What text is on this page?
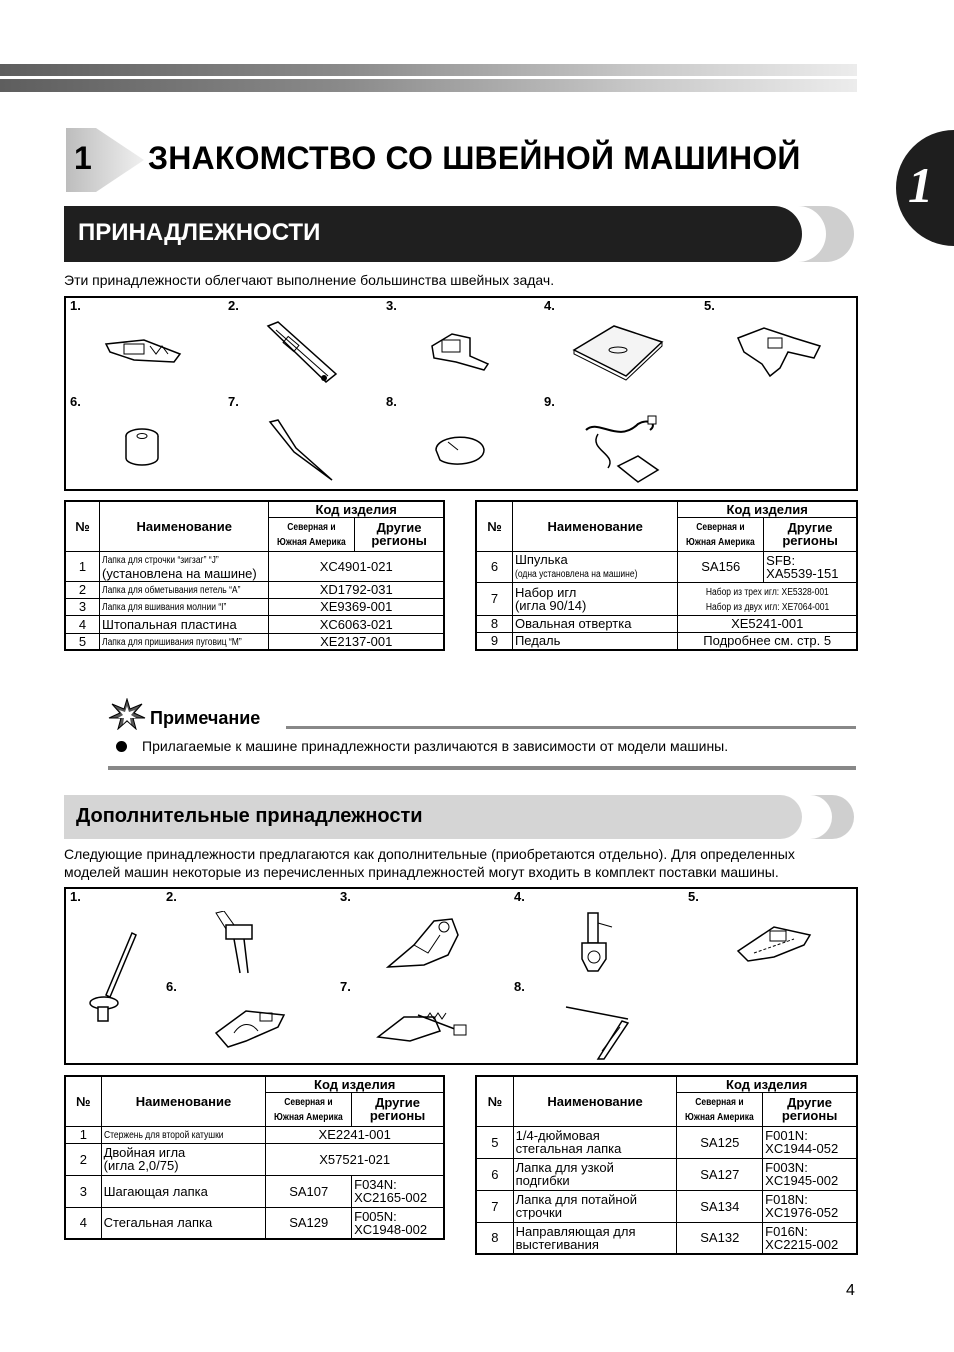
1
1 ЗНАКОМСТВО СО ШВЕЙНОЙ МАШИНОЙ
ПРИНАДЛЕЖНОСТИ
Эти принадлежности облегчают выполнение большинства швейных задач.
1.	2.	3.	4.	5.
6.	7.	8.	9.
№	Наименование	Код изделия	
		Северная и
Южная Америка	Другие
регионы
1	Лапка для строчки “зигзаг” “J”
(установлена на машине)	XC4901-021	
2	Лапка для обметывания петель “A”	XD1792-031	
3	Лапка для вшивания молнии “I”	XE9369-001	
4	Штопальная пластина	XC6063-021	
5	Лапка для пришивания пуговиц “M”	XE2137-001	
№	Наименование	Код изделия	
		Северная и
Южная Америка	Другие
регионы
6	Шпулька
(одна установлена на машине)	SA156	SFB:
XA5539-151
7	Набор игл
(игла 90/14)	Набор из трех игл: XE5328-001
Набор из двух игл: XE7064-001	
8	Овальная отвертка	XE5241-001	
9	Педаль	Подробнее см. стр. 5	
Примечание
Прилагаемые к машине принадлежности различаются в зависимости от модели машины.
Дополнительные принадлежности
Следующие принадлежности предлагаются как дополнительные (приобретаются отдельно). Для определенных
моделей машин некоторые из перечисленных принадлежностей могут входить в комплект поставки машины.
1.	2.	3.	4.	5.
6.	7.	8.
№	Наименование	Код изделия	
		Северная и
Южная Америка	Другие
регионы
1	Стержень для второй катушки	XE2241-001	
2	Двойная игла
(игла 2,0/75)	X57521-021	
3	Шагающая лапка	SA107	F034N:
XC2165-002
4	Стегальная лапка	SA129	F005N:
XC1948-002
№	Наименование	Код изделия	
		Северная и
Южная Америка	Другие
регионы
5	1/4-дюймовая
стегальная лапка	SA125	F001N:
XC1944-052
6	Лапка для узкой
подгибки	SA127	F003N:
XC1945-002
7	Лапка для потайной
строчки	SA134	F018N:
XC1976-052
8	Направляющая для
выстегивания	SA132	F016N:
XC2215-002
4
